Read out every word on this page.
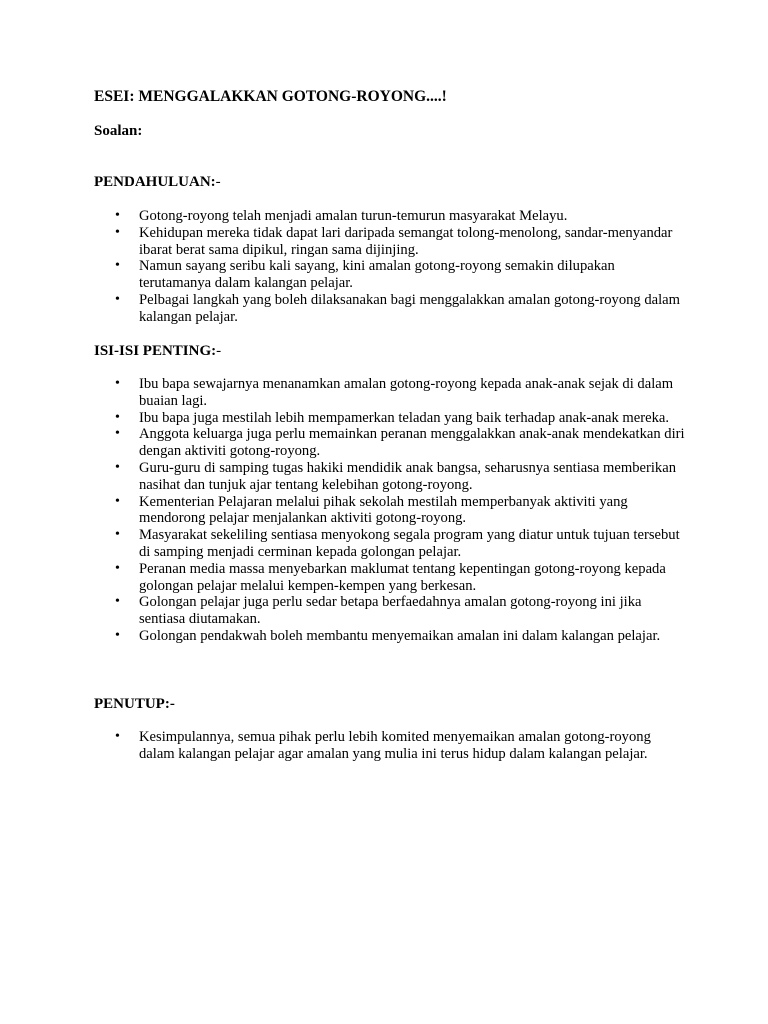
ESEI: MENGGALAKKAN GOTONG-ROYONG....!

Soalan:

PENDAHULUAN:-

• Gotong-royong telah menjadi amalan turun-temurun masyarakat Melayu.
• Kehidupan mereka tidak dapat lari daripada semangat tolong-menolong, sandar-menyandar ibarat berat sama dipikul, ringan sama dijinjing.
• Namun sayang seribu kali sayang, kini amalan gotong-royong semakin dilupakan terutamanya dalam kalangan pelajar.
• Pelbagai langkah yang boleh dilaksanakan bagi menggalakkan amalan gotong-royong dalam kalangan pelajar.

ISI-ISI PENTING:-

• Ibu bapa sewajarnya menanamkan amalan gotong-royong kepada anak-anak sejak di dalam buaian lagi.
• Ibu bapa juga mestilah lebih mempamerkan teladan yang baik terhadap anak-anak mereka.
• Anggota keluarga juga perlu memainkan peranan menggalakkan anak-anak mendekatkan diri dengan aktiviti gotong-royong.
• Guru-guru di samping tugas hakiki mendidik anak bangsa, seharusnya sentiasa memberikan nasihat dan tunjuk ajar tentang kelebihan gotong-royong.
• Kementerian Pelajaran melalui pihak sekolah mestilah memperbanyak aktiviti yang mendorong pelajar menjalankan aktiviti gotong-royong.
• Masyarakat sekeliling sentiasa menyokong segala program yang diatur untuk tujuan tersebut di samping menjadi cerminan kepada golongan pelajar.
• Peranan media massa menyebarkan maklumat tentang kepentingan gotong-royong kepada golongan pelajar melalui kempen-kempen yang berkesan.
• Golongan pelajar juga perlu sedar betapa berfaedahnya amalan gotong-royong ini jika sentiasa diutamakan.
• Golongan pendakwah boleh membantu menyemaikan amalan ini dalam kalangan pelajar.

PENUTUP:-

• Kesimpulannya, semua pihak perlu lebih komited menyemaikan amalan gotong-royong dalam kalangan pelajar agar amalan yang mulia ini terus hidup dalam kalangan pelajar.
